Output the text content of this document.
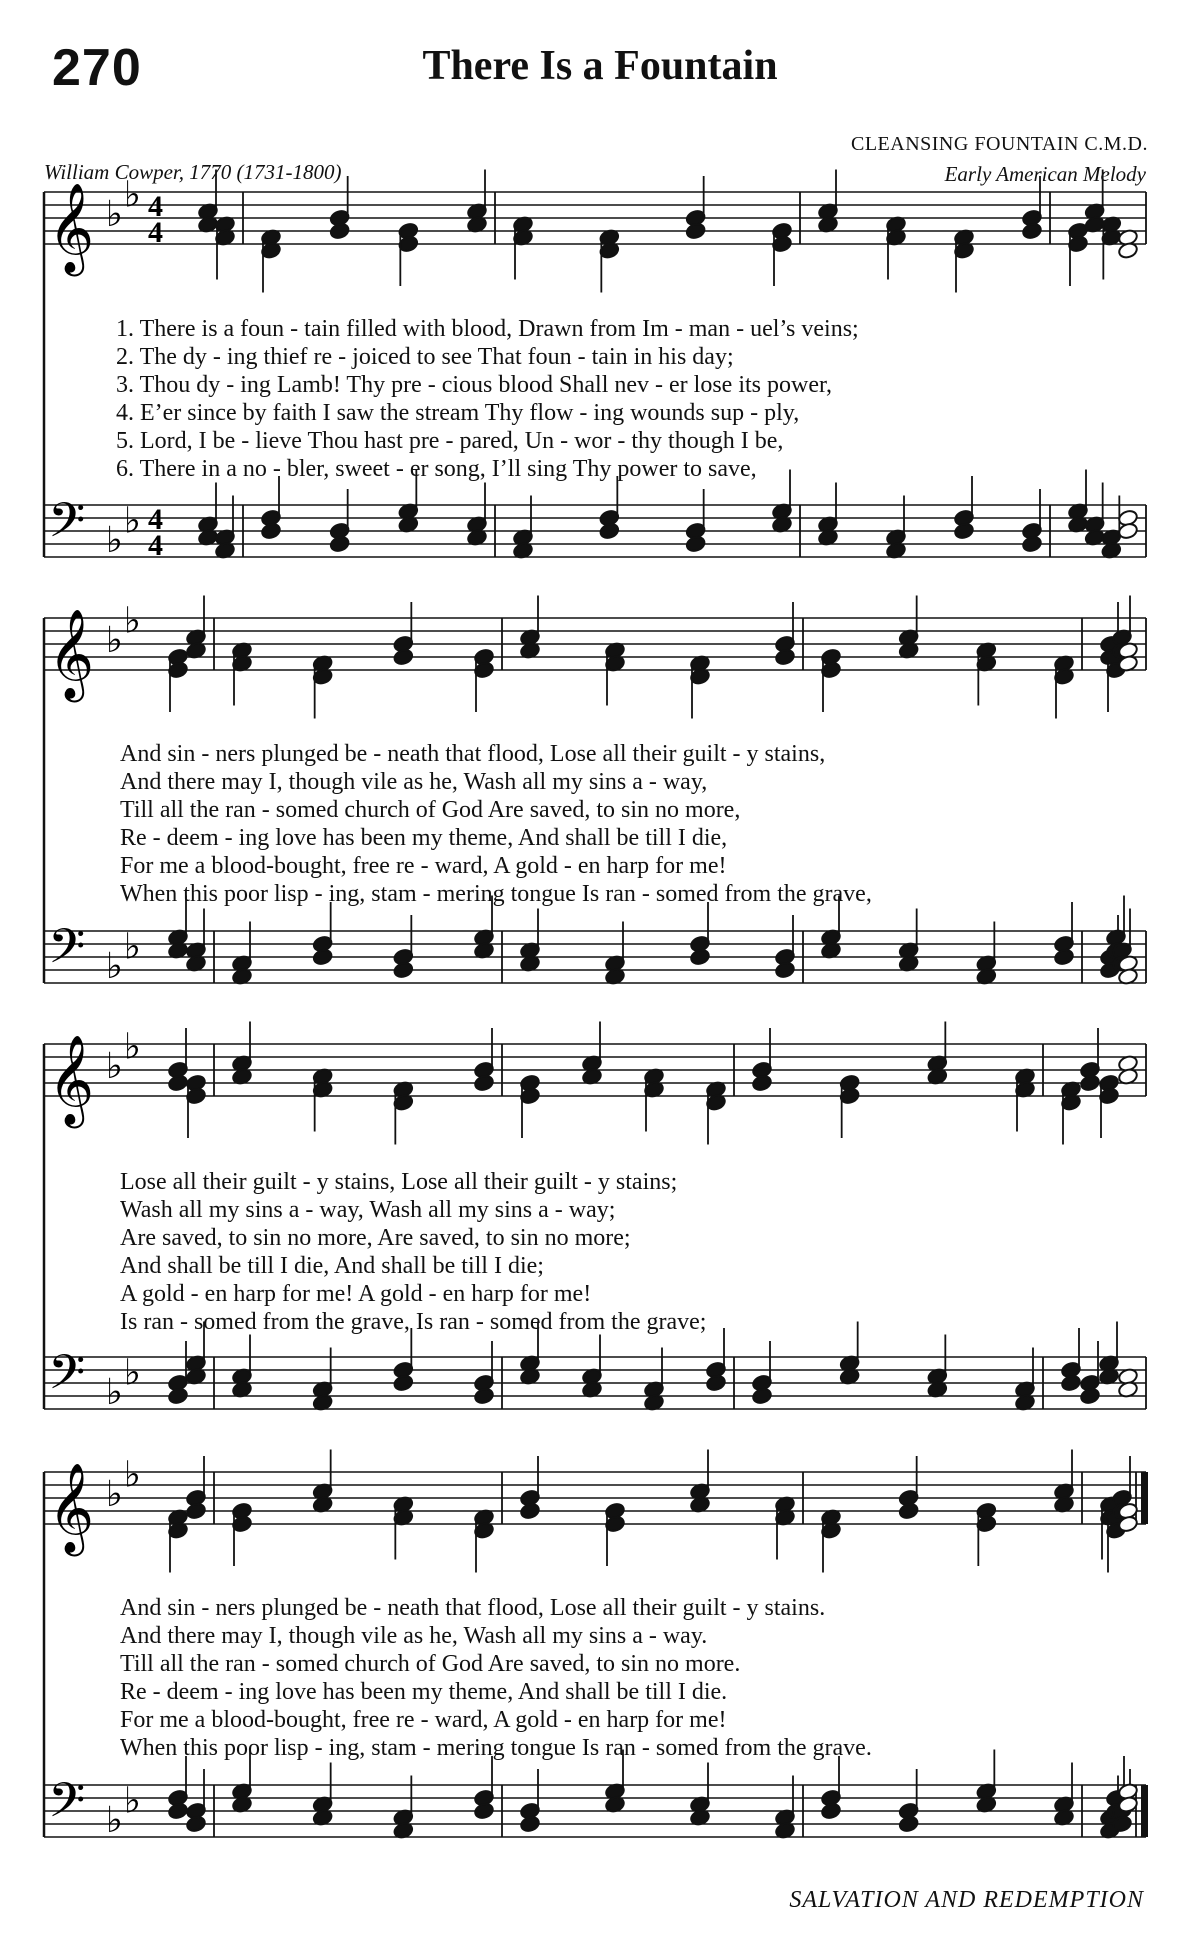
270	There Is a Fountain
CLEANSING FOUNTAIN C.M.D.
William Cowper, 1770 (1731-1800)	Early American Melody
𝄞 ♭ ♭ 4
4
𝄢 ♭ ♭ 4
4
1. There is a foun - tain filled with blood, Drawn from Im - man - uel’s veins;
2. The dy - ing thief re - joiced to see That foun - tain in his day;
3. Thou dy - ing Lamb! Thy pre - cious blood Shall nev - er lose its power,
4. E’er since by faith I saw the stream Thy flow - ing wounds sup - ply,
5. Lord, I be - lieve Thou hast pre - pared, Un - wor - thy though I be,
6. There in a no - bler, sweet - er song, I’ll sing Thy power to save,
𝄞 ♭ ♭
𝄢 ♭ ♭
And sin - ners plunged be - neath that flood, Lose all their guilt - y stains,
And there may I, though vile as he, Wash all my sins a - way,
Till all the ran - somed church of God Are saved, to sin no more,
Re - deem - ing love has been my theme, And shall be till I die,
For me a blood-bought, free re - ward, A gold - en harp for me!
When this poor lisp - ing, stam - mering tongue Is ran - somed from the grave,
𝄞 ♭ ♭
𝄢 ♭ ♭
Lose all their guilt - y stains, Lose all their guilt - y stains;
Wash all my sins a - way, Wash all my sins a - way;
Are saved, to sin no more, Are saved, to sin no more;
And shall be till I die, And shall be till I die;
A gold - en harp for me! A gold - en harp for me!
Is ran - somed from the grave, Is ran - somed from the grave;
𝄞 ♭ ♭
𝄢 ♭ ♭
And sin - ners plunged be - neath that flood, Lose all their guilt - y stains.
And there may I, though vile as he, Wash all my sins a - way.
Till all the ran - somed church of God Are saved, to sin no more.
Re - deem - ing love has been my theme, And shall be till I die.
For me a blood-bought, free re - ward, A gold - en harp for me!
When this poor lisp - ing, stam - mering tongue Is ran - somed from the grave.
SALVATION AND REDEMPTION
